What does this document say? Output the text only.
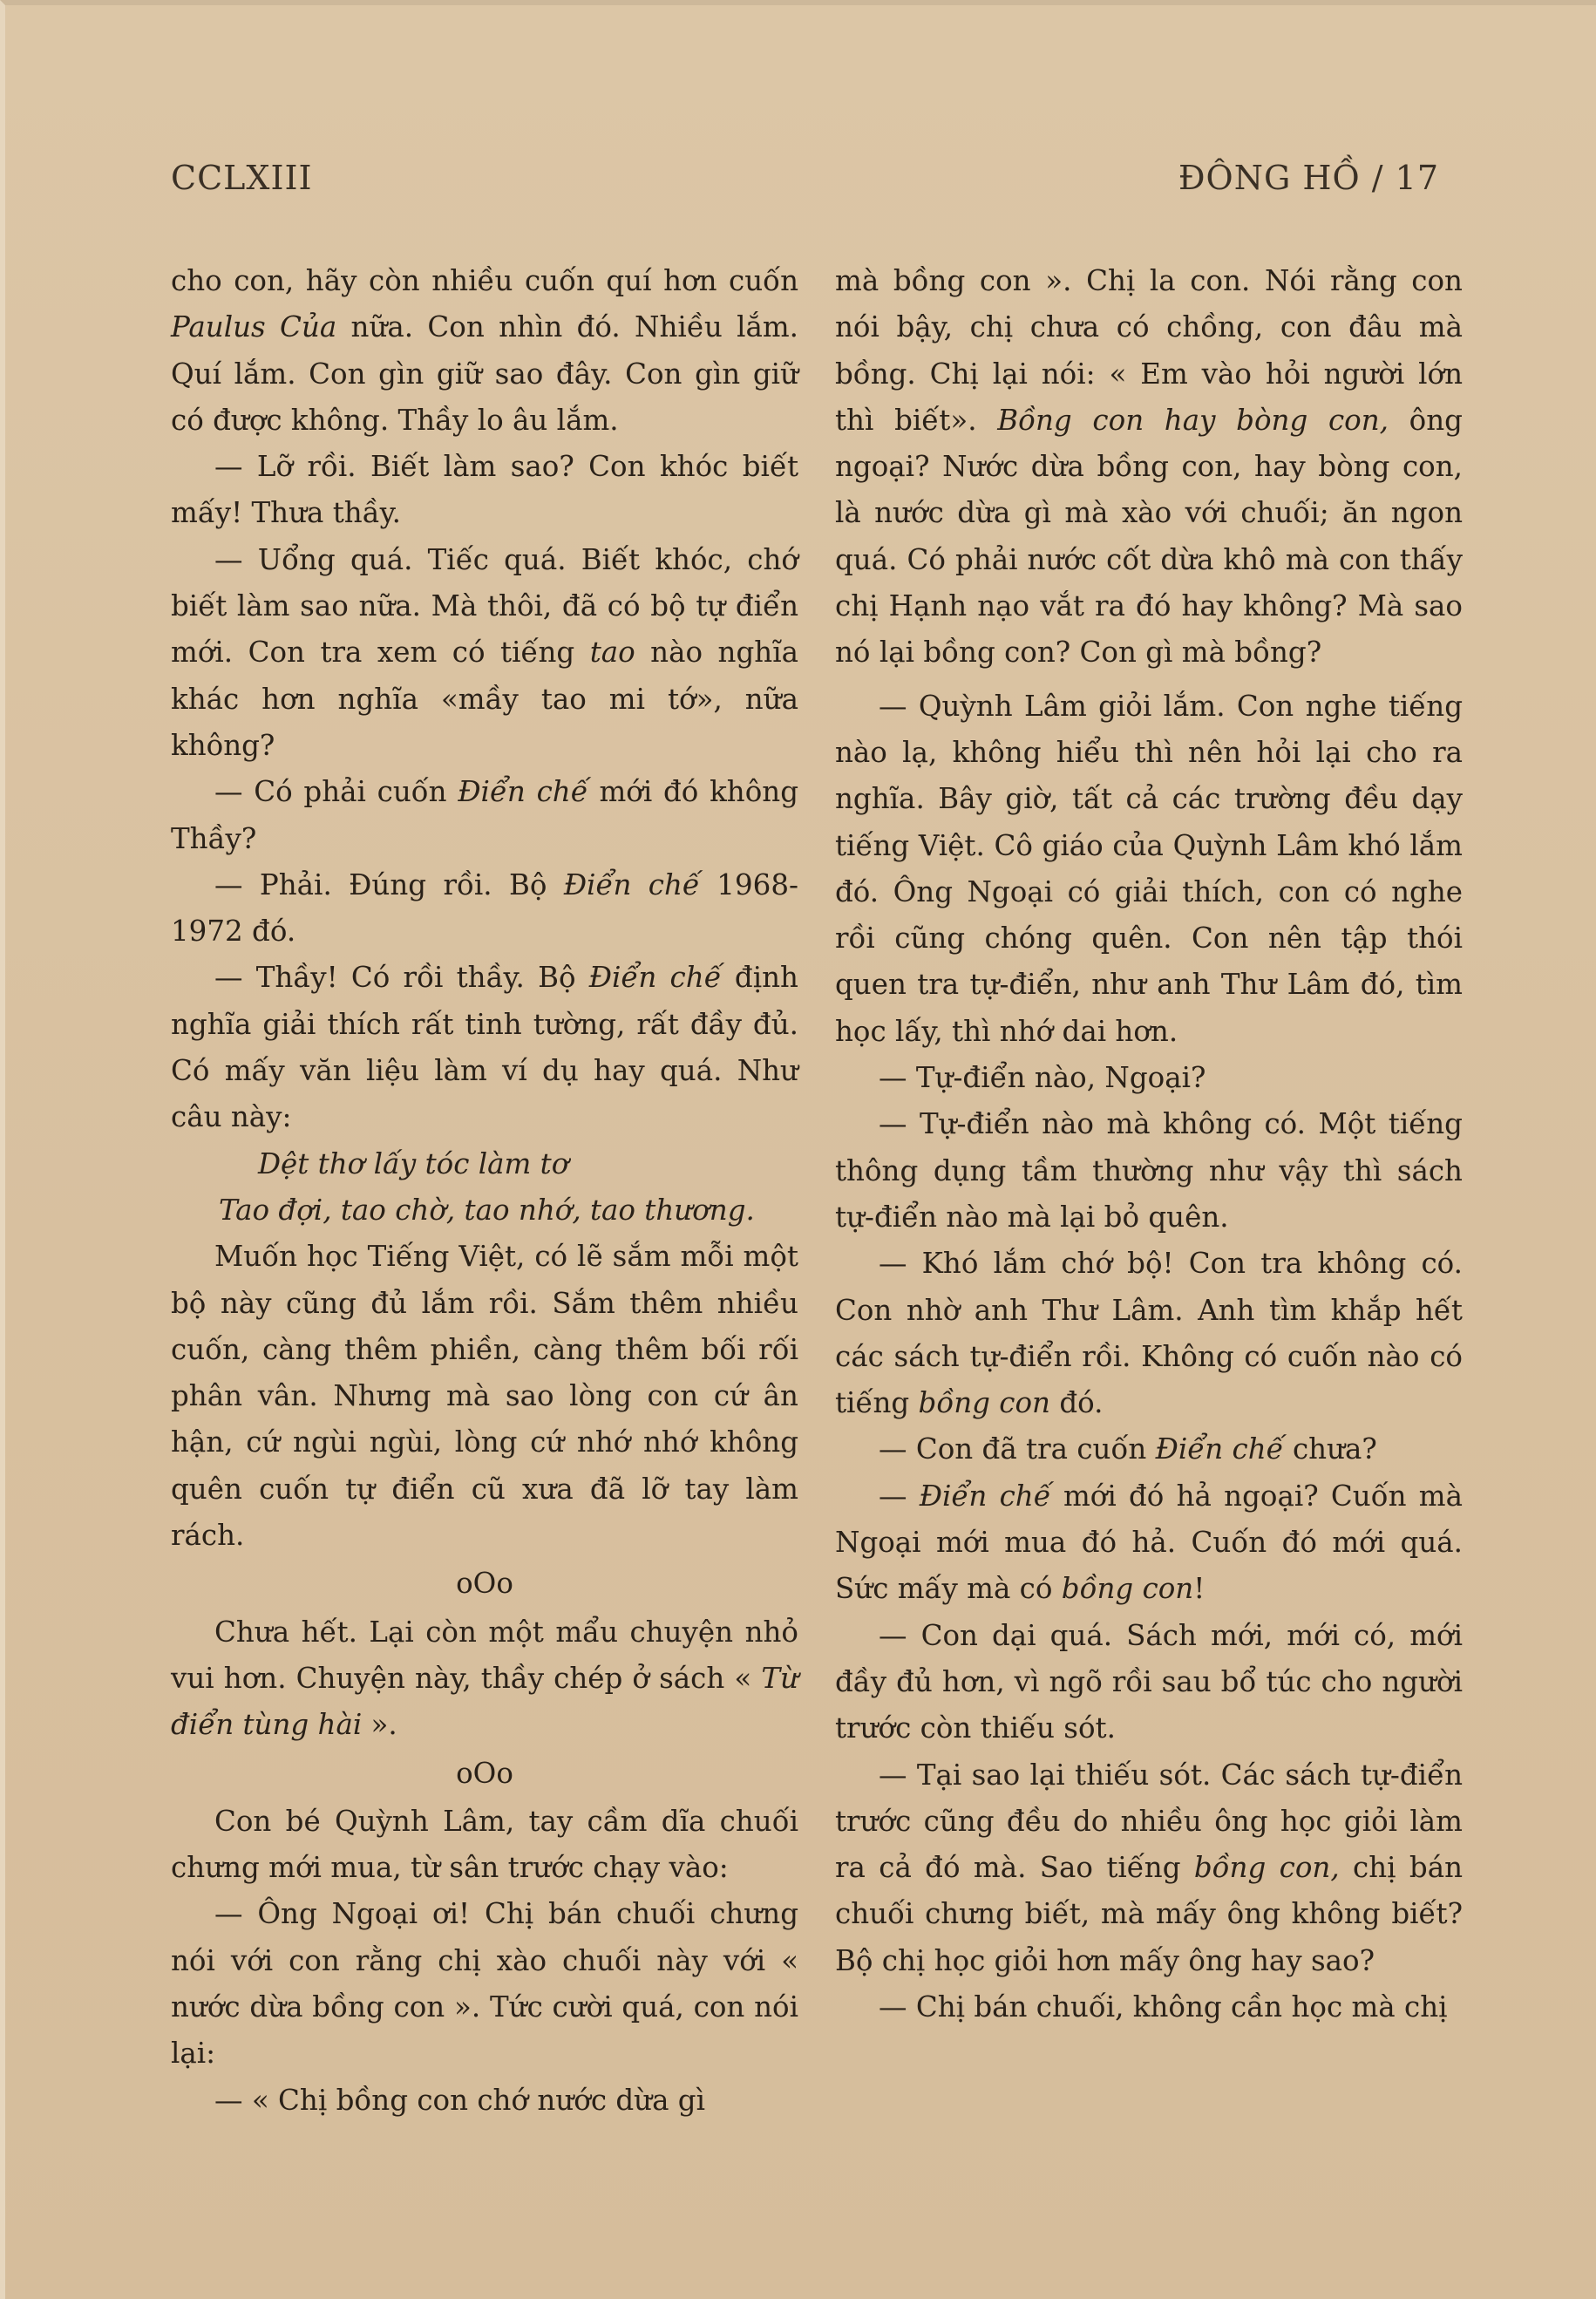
CCLXIII	ĐÔNG HỒ / 17

cho con, hãy còn nhiều cuốn quí hơn cuốn Paulus Của nữa. Con nhìn đó. Nhiều lắm. Quí lắm. Con gìn giữ sao đây. Con gìn giữ có được không. Thầy lo âu lắm.

— Lỡ rồi. Biết làm sao? Con khóc biết mấy! Thưa thầy.

— Uổng quá. Tiếc quá. Biết khóc, chớ biết làm sao nữa. Mà thôi, đã có bộ tự điển mới. Con tra xem có tiếng tao nào nghĩa khác hơn nghĩa «mầy tao mi tớ», nữa không?

— Có phải cuốn Điển chế mới đó không Thầy?

— Phải. Đúng rồi. Bộ Điển chế 1968-1972 đó.

— Thầy! Có rồi thầy. Bộ Điển chế định nghĩa giải thích rất tinh tường, rất đầy đủ. Có mấy văn liệu làm ví dụ hay quá. Như câu này:

Dệt thơ lấy tóc làm tơ

Tao đợi, tao chờ, tao nhớ, tao thương.

Muốn học Tiếng Việt, có lẽ sắm mỗi một bộ này cũng đủ lắm rồi. Sắm thêm nhiều cuốn, càng thêm phiền, càng thêm bối rối phân vân. Nhưng mà sao lòng con cứ ân hận, cứ ngùi ngùi, lòng cứ nhớ nhớ không quên cuốn tự điển cũ xưa đã lỡ tay làm rách.

oOo

Chưa hết. Lại còn một mẩu chuyện nhỏ vui hơn. Chuyện này, thầy chép ở sách « Từ điển tùng hài ».

oOo

Con bé Quỳnh Lâm, tay cầm dĩa chuối chưng mới mua, từ sân trước chạy vào:

— Ông Ngoại ơi! Chị bán chuối chưng nói với con rằng chị xào chuối này với « nước dừa bồng con ». Tức cười quá, con nói lại:

— « Chị bồng con chớ nước dừa gì

mà bồng con ». Chị la con. Nói rằng con nói bậy, chị chưa có chồng, con đâu mà bồng. Chị lại nói: « Em vào hỏi người lớn thì biết». Bồng con hay bòng con, ông ngoại? Nước dừa bồng con, hay bòng con, là nước dừa gì mà xào với chuối; ăn ngon quá. Có phải nước cốt dừa khô mà con thấy chị Hạnh nạo vắt ra đó hay không? Mà sao nó lại bồng con? Con gì mà bồng?

— Quỳnh Lâm giỏi lắm. Con nghe tiếng nào lạ, không hiểu thì nên hỏi lại cho ra nghĩa. Bây giờ, tất cả các trường đều dạy tiếng Việt. Cô giáo của Quỳnh Lâm khó lắm đó. Ông Ngoại có giải thích, con có nghe rồi cũng chóng quên. Con nên tập thói quen tra tự-điển, như anh Thư Lâm đó, tìm học lấy, thì nhớ dai hơn.

— Tự-điển nào, Ngoại?

— Tự-điển nào mà không có. Một tiếng thông dụng tầm thường như vậy thì sách tự-điển nào mà lại bỏ quên.

— Khó lắm chớ bộ! Con tra không có. Con nhờ anh Thư Lâm. Anh tìm khắp hết các sách tự-điển rồi. Không có cuốn nào có tiếng bồng con đó.

— Con đã tra cuốn Điển chế chưa?

— Điển chế mới đó hả ngoại? Cuốn mà Ngoại mới mua đó hả. Cuốn đó mới quá. Sức mấy mà có bồng con!

— Con dại quá. Sách mới, mới có, mới đầy đủ hơn, vì ngõ rồi sau bổ túc cho người trước còn thiếu sót.

— Tại sao lại thiếu sót. Các sách tự-điển trước cũng đều do nhiều ông học giỏi làm ra cả đó mà. Sao tiếng bồng con, chị bán chuối chưng biết, mà mấy ông không biết? Bộ chị học giỏi hơn mấy ông hay sao?

— Chị bán chuối, không cần học mà chị
